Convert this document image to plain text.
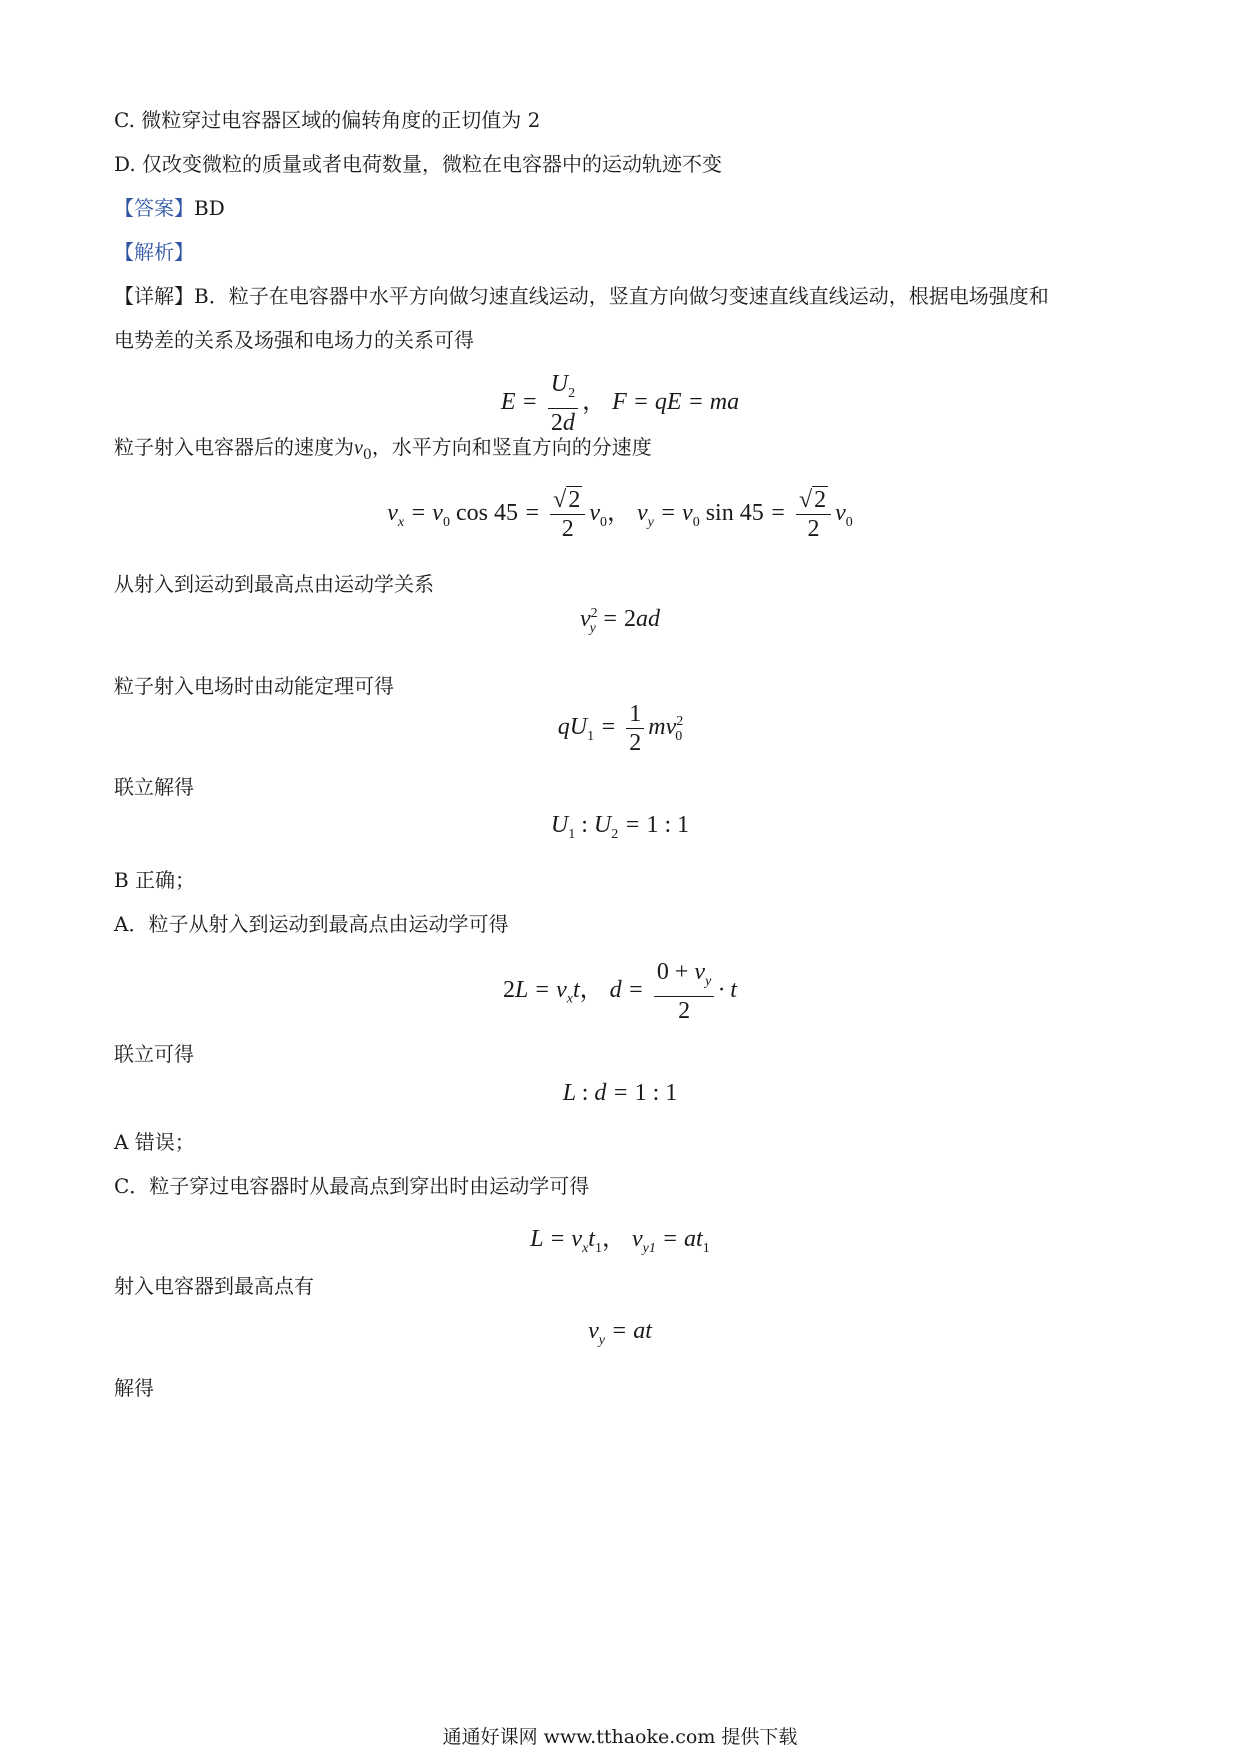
C. 微粒穿过电容器区域的偏转角度的正切值为 2
D. 仅改变微粒的质量或者电荷数量，微粒在电容器中的运动轨迹不变
【答案】BD
【解析】
【详解】B．粒子在电容器中水平方向做匀速直线运动，竖直方向做匀变速直线直线运动，根据电场强度和
电势差的关系及场强和电场力的关系可得
$E = \frac{U_2}{2d}$ ， F = qE = ma
粒子射入电容器后的速度为$v_0$，水平方向和竖直方向的分速度
$v_x = v_0$ $\cos 45 = \frac{√2}{2} v_0$， $v_y = v_0$ $\sin 45 = \frac{√2}{2} v_0$
从射入到运动到最高点由运动学关系
$v^2_y = 2ad$
粒子射入电场时由动能定理可得
$qU_1 = \frac{1}{2} mv^2_0$
联立解得
$U_1$ : $U_2 = 1$ : 1
B 正确；
A．粒子从射入到运动到最高点由运动学可得
$2L = v_xt$， $d = \frac{0 + v_y}{2} \cdot t$
联立可得
L : d = 1 : 1
A 错误；
C．粒子穿过电容器时从最高点到穿出时由运动学可得
$L = v_xt_1$， $v_{y1} = at_1$
射入电容器到最高点有
$v_y$ = at
解得
通通好课网 www.tthaoke.com 提供下载
